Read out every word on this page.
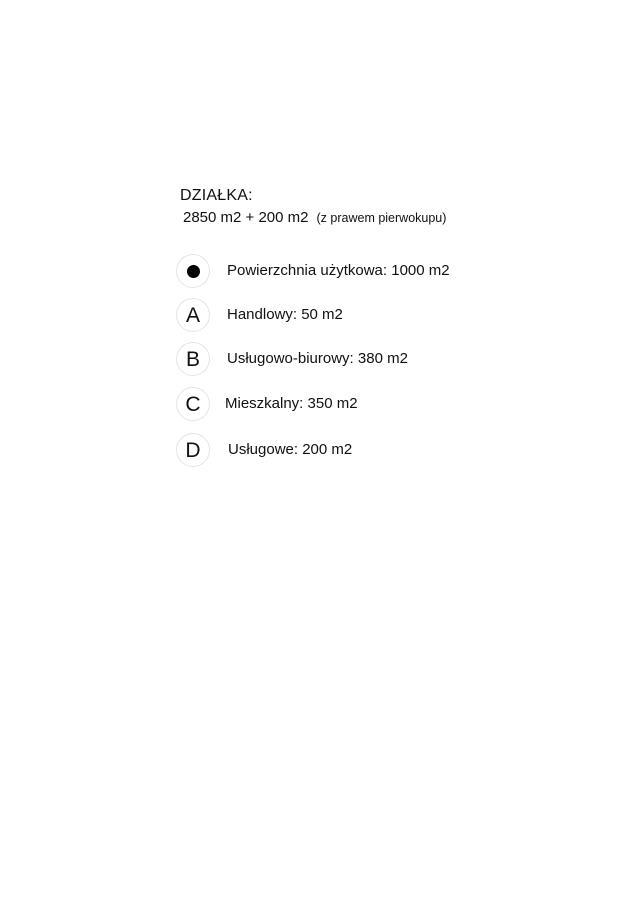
DZIAŁKA:
2850 m2 + 200 m2 (z prawem pierwokupu)
Powierzchnia użytkowa: 1000 m2
A	Handlowy: 50 m2
B	Usługowo-biurowy: 380 m2
C	Mieszkalny: 350 m2
D	Usługowe: 200 m2
